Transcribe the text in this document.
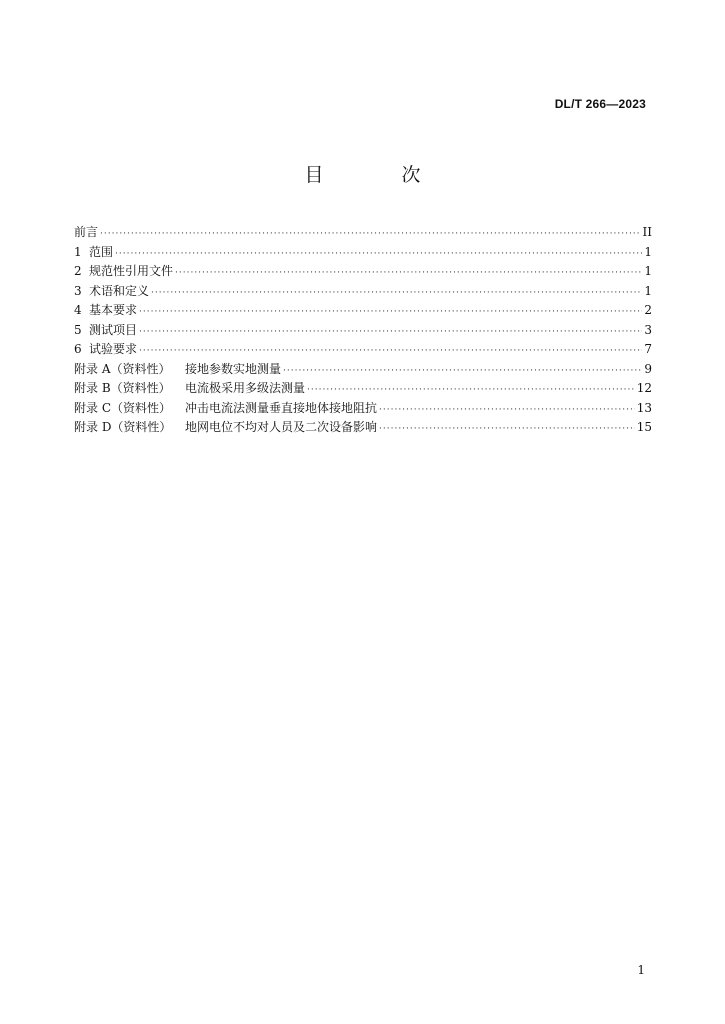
DL/T 266—2023
目 次
前言 ·····	II
1 范围 ·····	1
2 规范性引用文件 ·····	1
3 术语和定义 ·····	1
4 基本要求 ·····	2
5 测试项目 ·····	3
6 试验要求 ·····	7
附录 A（资料性）	接地参数实地测量 ·····	9
附录 B（资料性）	电流极采用多级法测量 ·····	12
附录 C（资料性）	冲击电流法测量垂直接地体接地阻抗 ·····	13
附录 D（资料性）	地网电位不均对人员及二次设备影响 ·····	15
1
